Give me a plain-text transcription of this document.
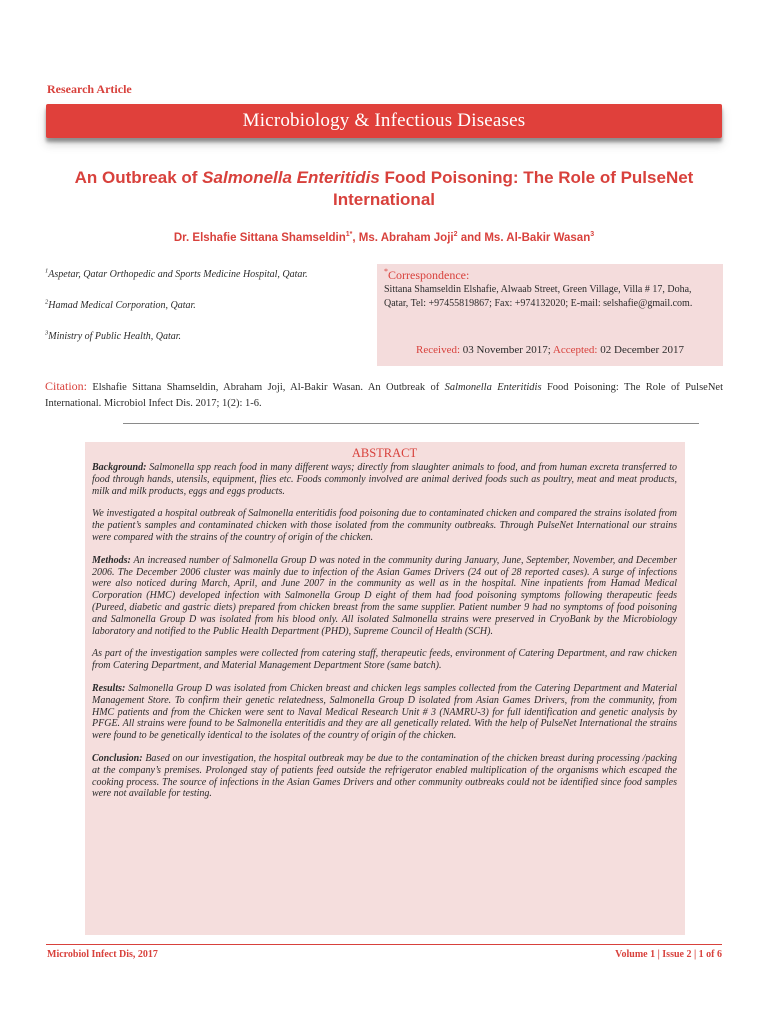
Research Article
Microbiology & Infectious Diseases
An Outbreak of Salmonella Enteritidis Food Poisoning: The Role of PulseNet International
Dr. Elshafie Sittana Shamseldin$^{1*}$, Ms. Abraham Joji$^2$ and Ms. Al-Bakir Wasan$^3$

$^1$Aspetar, Qatar Orthopedic and Sports Medicine Hospital, Qatar.

$^2$Hamad Medical Corporation, Qatar.

$^3$Ministry of Public Health, Qatar.

*Correspondence:
Sittana Shamseldin Elshafie, Alwaab Street, Green Village, Villa # 17, Doha, Qatar, Tel: +97455819867; Fax: +974132020; E-mail: selshafie@gmail.com.
Received: 03 November 2017; Accepted: 02 December 2017

Citation: Elshafie Sittana Shamseldin, Abraham Joji, Al-Bakir Wasan. An Outbreak of Salmonella Enteritidis Food Poisoning: The Role of PulseNet International. Microbiol Infect Dis. 2017; 1(2): 1-6.

ABSTRACT

Background: Salmonella spp reach food in many different ways; directly from slaughter animals to food, and from human excreta transferred to food through hands, utensils, equipment, flies etc. Foods commonly involved are animal derived foods such as poultry, meat and meat products, milk and milk products, eggs and eggs products.

We investigated a hospital outbreak of Salmonella enteritidis food poisoning due to contaminated chicken and compared the strains isolated from the patient’s samples and contaminated chicken with those isolated from the community outbreaks. Through PulseNet International our strains were compared with the strains of the country of origin of the chicken.

Methods: An increased number of Salmonella Group D was noted in the community during January, June, September, November, and December 2006. The December 2006 cluster was mainly due to infection of the Asian Games Drivers (24 out of 28 reported cases). A surge of infections were also noticed during March, April, and June 2007 in the community as well as in the hospital. Nine inpatients from Hamad Medical Corporation (HMC) developed infection with Salmonella Group D eight of them had food poisoning symptoms following therapeutic feeds (Pureed, diabetic and gastric diets) prepared from chicken breast from the same supplier. Patient number 9 had no symptoms of food poisoning and Salmonella Group D was isolated from his blood only. All isolated Salmonella strains were preserved in CryoBank by the Microbiology laboratory and notified to the Public Health Department (PHD), Supreme Council of Health (SCH).

As part of the investigation samples were collected from catering staff, therapeutic feeds, environment of Catering Department, and raw chicken from Catering Department, and Material Management Department Store (same batch).

Results: Salmonella Group D was isolated from Chicken breast and chicken legs samples collected from the Catering Department and Material Management Store. To confirm their genetic relatedness, Salmonella Group D isolated from Asian Games Drivers, from the community, from HMC patients and from the Chicken were sent to Naval Medical Research Unit # 3 (NAMRU-3) for full identification and genetic analysis by PFGE. All strains were found to be Salmonella enteritidis and they are all genetically related. With the help of PulseNet International the strains were found to be genetically identical to the isolates of the country of origin of the chicken.

Conclusion: Based on our investigation, the hospital outbreak may be due to the contamination of the chicken breast during processing /packing at the company’s premises. Prolonged stay of patients feed outside the refrigerator enabled multiplication of the organisms which escaped the cooking process. The source of infections in the Asian Games Drivers and other community outbreaks could not be identified since food samples were not available for testing.

Microbiol Infect Dis, 2017	Volume 1 | Issue 2 | 1 of 6
